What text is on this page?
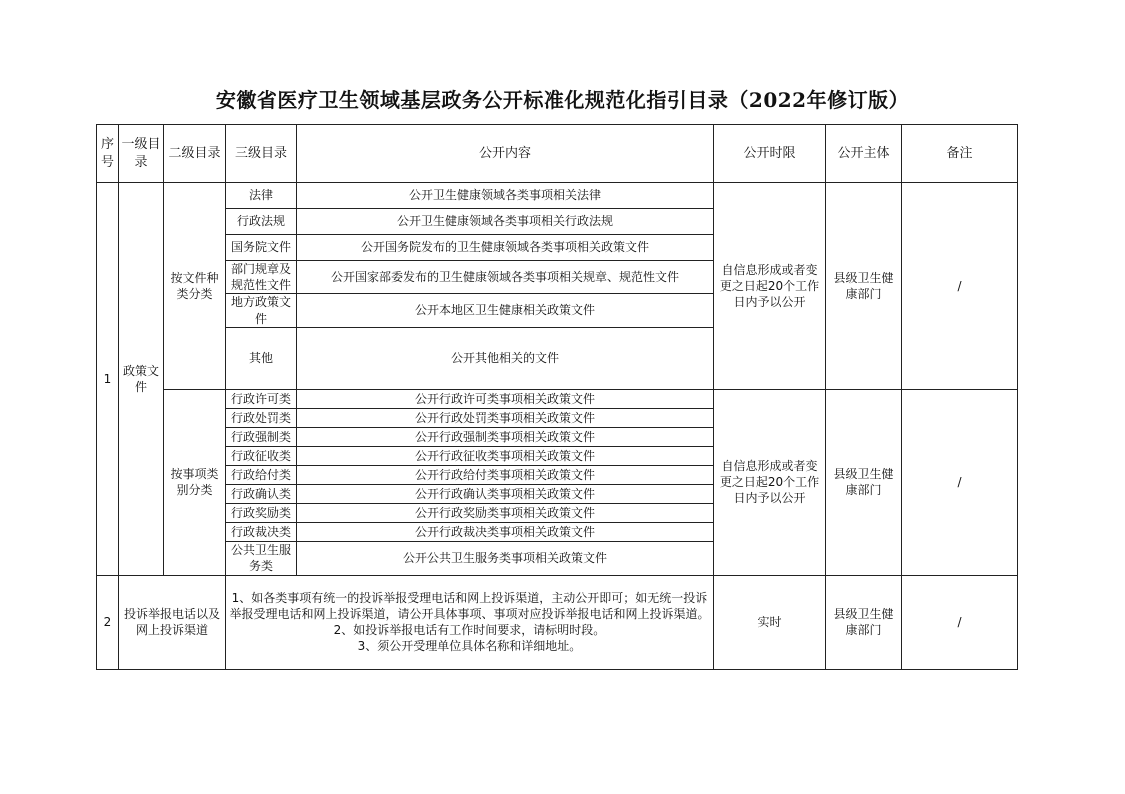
安徽省医疗卫生领域基层政务公开标准化规范化指引目录（2022年修订版）
序号	一级目录	二级目录	三级目录	公开内容	公开时限	公开主体	备注
1	政策文件	按文件种类分类	法律	公开卫生健康领域各类事项相关法律	自信息形成或者变更之日起20个工作日内予以公开	县级卫生健康部门	/
			行政法规	公开卫生健康领域各类事项相关行政法规			
			国务院文件	公开国务院发布的卫生健康领域各类事项相关政策文件			
			部门规章及规范性文件	公开国家部委发布的卫生健康领域各类事项相关规章、规范性文件			
			地方政策文件	公开本地区卫生健康相关政策文件			
			其他	公开其他相关的文件			
		按事项类别分类	行政许可类	公开行政许可类事项相关政策文件	自信息形成或者变更之日起20个工作日内予以公开	县级卫生健康部门	/
			行政处罚类	公开行政处罚类事项相关政策文件			
			行政强制类	公开行政强制类事项相关政策文件			
			行政征收类	公开行政征收类事项相关政策文件			
			行政给付类	公开行政给付类事项相关政策文件			
			行政确认类	公开行政确认类事项相关政策文件			
			行政奖励类	公开行政奖励类事项相关政策文件			
			行政裁决类	公开行政裁决类事项相关政策文件			
			公共卫生服务类	公开公共卫生服务类事项相关政策文件			
2	投诉举报电话以及网上投诉渠道		1、如各类事项有统一的投诉举报受理电话和网上投诉渠道，主动公开即可；如无统一投诉举报受理电话和网上投诉渠道，请公开具体事项、事项对应投诉举报电话和网上投诉渠道。
2、如投诉举报电话有工作时间要求，请标明时段。
3、须公开受理单位具体名称和详细地址。		实时	县级卫生健康部门	/
